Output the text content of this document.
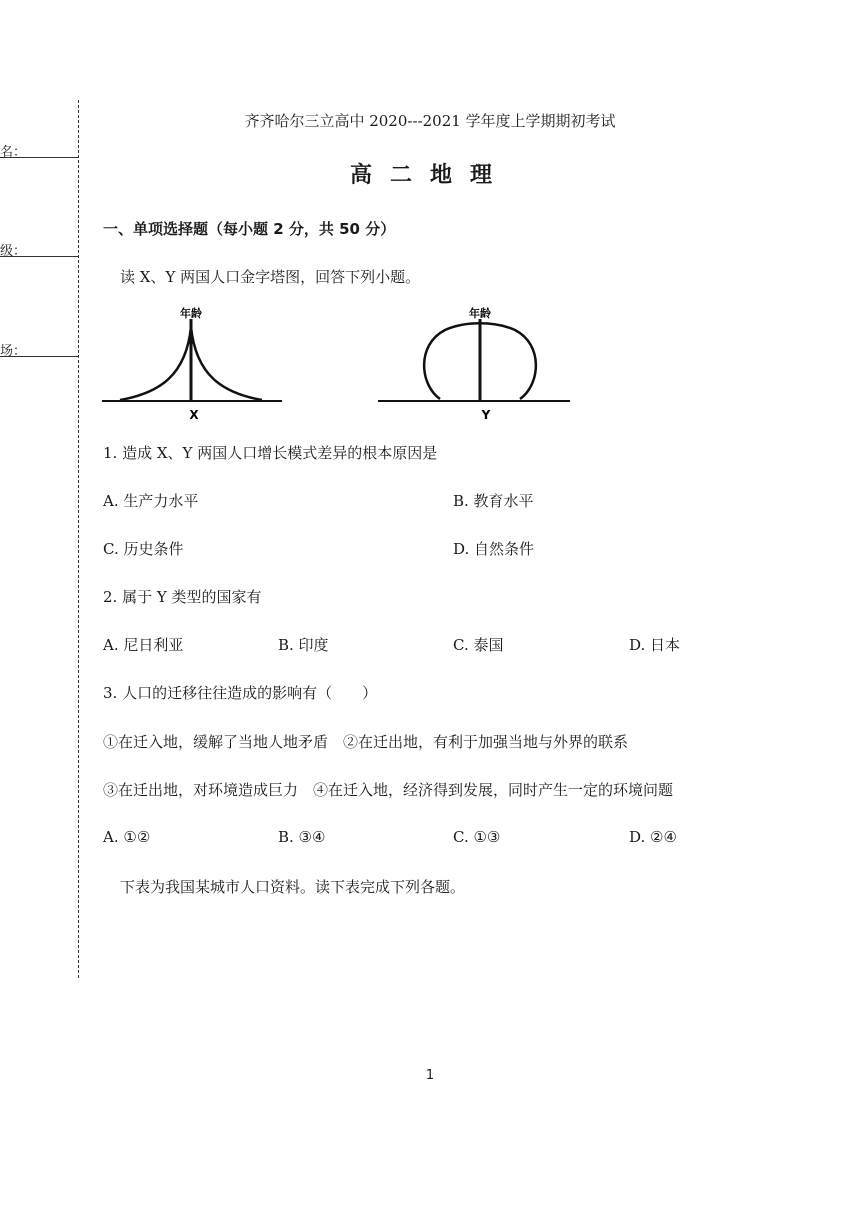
名：
级：
场：
齐齐哈尔三立高中 2020---2021 学年度上学期期初考试
高二地理
一、单项选择题（每小题 2 分，共 50 分）
读 X、Y 两国人口金字塔图，回答下列小题。
年龄
X
年龄
Y
1. 造成 X、Y 两国人口增长模式差异的根本原因是
A. 生产力水平	B. 教育水平
C. 历史条件	D. 自然条件
2. 属于 Y 类型的国家有
A. 尼日利亚	B. 印度	C. 泰国	D. 日本
3. 人口的迁移往往造成的影响有（　　）
①在迁入地，缓解了当地人地矛盾　②在迁出地，有利于加强当地与外界的联系
③在迁出地，对环境造成巨力　④在迁入地，经济得到发展，同时产生一定的环境问题
A. ①②	B. ③④	C. ①③	D. ②④
下表为我国某城市人口资料。读下表完成下列各题。
1
